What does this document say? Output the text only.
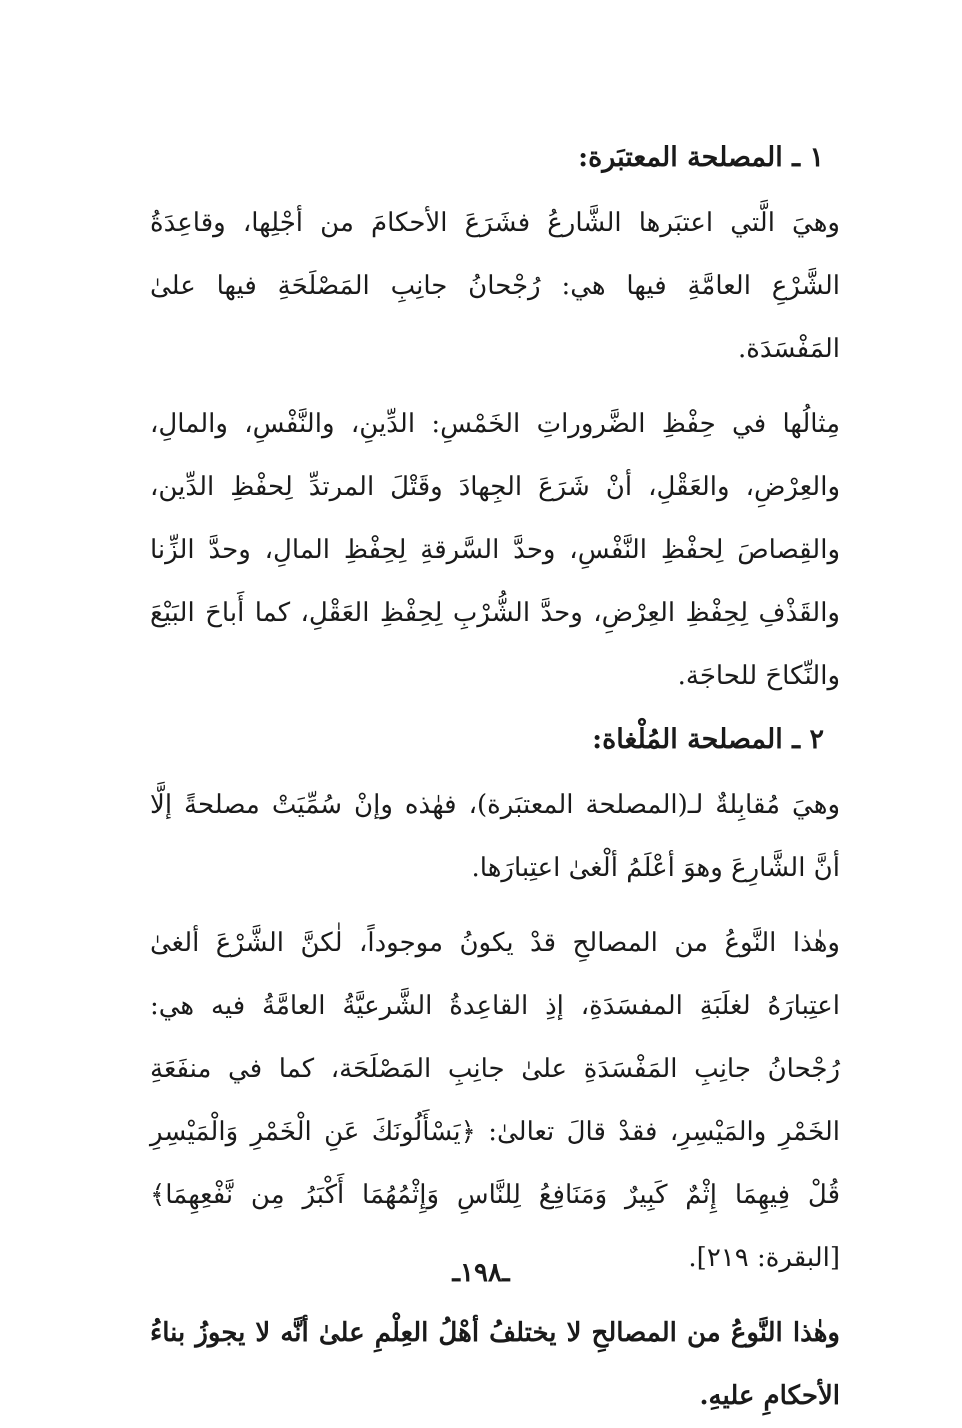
١ ـ المصلحة المعتبَرة:

وهيَ الَّتي اعتبَرها الشَّارعُ فشَرَعَ الأحكامَ من أجْلِها، وقاعِدَةُ الشَّرْعِ العامَّةِ فيها هي: رُجْحانُ جانِبِ المَصْلَحَةِ فيها علىٰ المَفْسَدَة.

مِثالُها في حِفْظِ الضَّروراتِ الخَمْسِ: الدِّينِ، والنَّفْسِ، والمالِ، والعِرْضِ، والعَقْلِ، أنْ شَرَعَ الجِهادَ وقَتْلَ المرتدِّ لِحفْظِ الدِّين، والقِصاصَ لِحفْظِ النَّفْسِ، وحدَّ السَّرقةِ لِحِفْظِ المالِ، وحدَّ الزِّنا والقَذْفِ لِحِفْظِ العِرْضِ، وحدَّ الشُّرْبِ لِحِفْظِ العَقْلِ، كما أَباحَ البَيْعَ والنِّكاحَ للحاجَة.

٢ ـ المصلحة المُلْغاة:

وهيَ مُقابِلةٌ لـ(المصلحة المعتبَرة)، فهٰذه وإنْ سُمِّيَتْ مصلحةً إلَّا أنَّ الشَّارِعَ وهوَ أعْلَمُ ألْغىٰ اعتِبارَها.

وهٰذا النَّوعُ من المصالحِ قدْ يكونُ موجوداً، لٰكنَّ الشَّرْعَ ألغىٰ اعتِبارَهُ لغلَبَةِ المفسَدَةِ، إذِ القاعِدةُ الشَّرعيَّةُ العامَّةُ فيه هي: رُجْحانُ جانِبِ المَفْسَدَةِ علىٰ جانِبِ المَصْلَحَة، كما في منفَعَةِ الخَمْرِ والمَيْسِرِ، فقدْ قالَ تعالىٰ: ﴿يَسْأَلُونَكَ عَنِ الْخَمْرِ وَالْمَيْسِرِ قُلْ فِيهِمَا إِثْمٌ كَبِيرٌ وَمَنَافِعُ لِلنَّاسِ وَإِثْمُهُمَا أَكْبَرُ مِن نَّفْعِهِمَا﴾ [البقرة: ٢١٩].

وهٰذا النَّوعُ من المصالحِ لا يختلفُ أهْلُ العِلْمِ علىٰ أنَّه لا يجوزُ بناءُ الأحكامِ عليهِ.

ـ١٩٨ـ
